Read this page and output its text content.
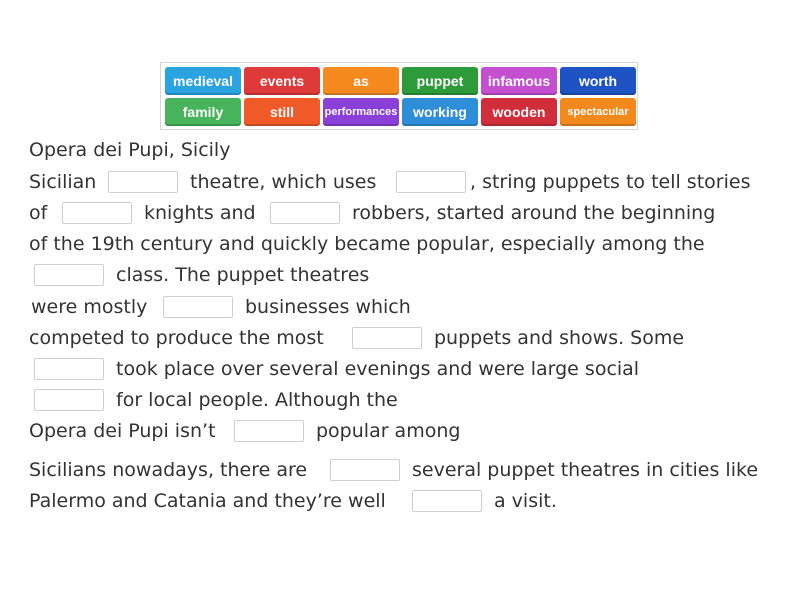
medieval	events	as	puppet	infamous	worth
family	still	performances	working	wooden	spectacular
Opera dei Pupi, Sicily
Sicilian	theatre, which uses	, string puppets to tell stories
of	knights and	robbers, started around the beginning
of the 19th century and quickly became popular, especially among the
class. The puppet theatres
were mostly	businesses which
competed to produce the most	puppets and shows. Some
took place over several evenings and were large social
for local people. Although the
Opera dei Pupi isn’t	popular among
Sicilians nowadays, there are	several puppet theatres in cities like
Palermo and Catania and they’re well	a visit.
